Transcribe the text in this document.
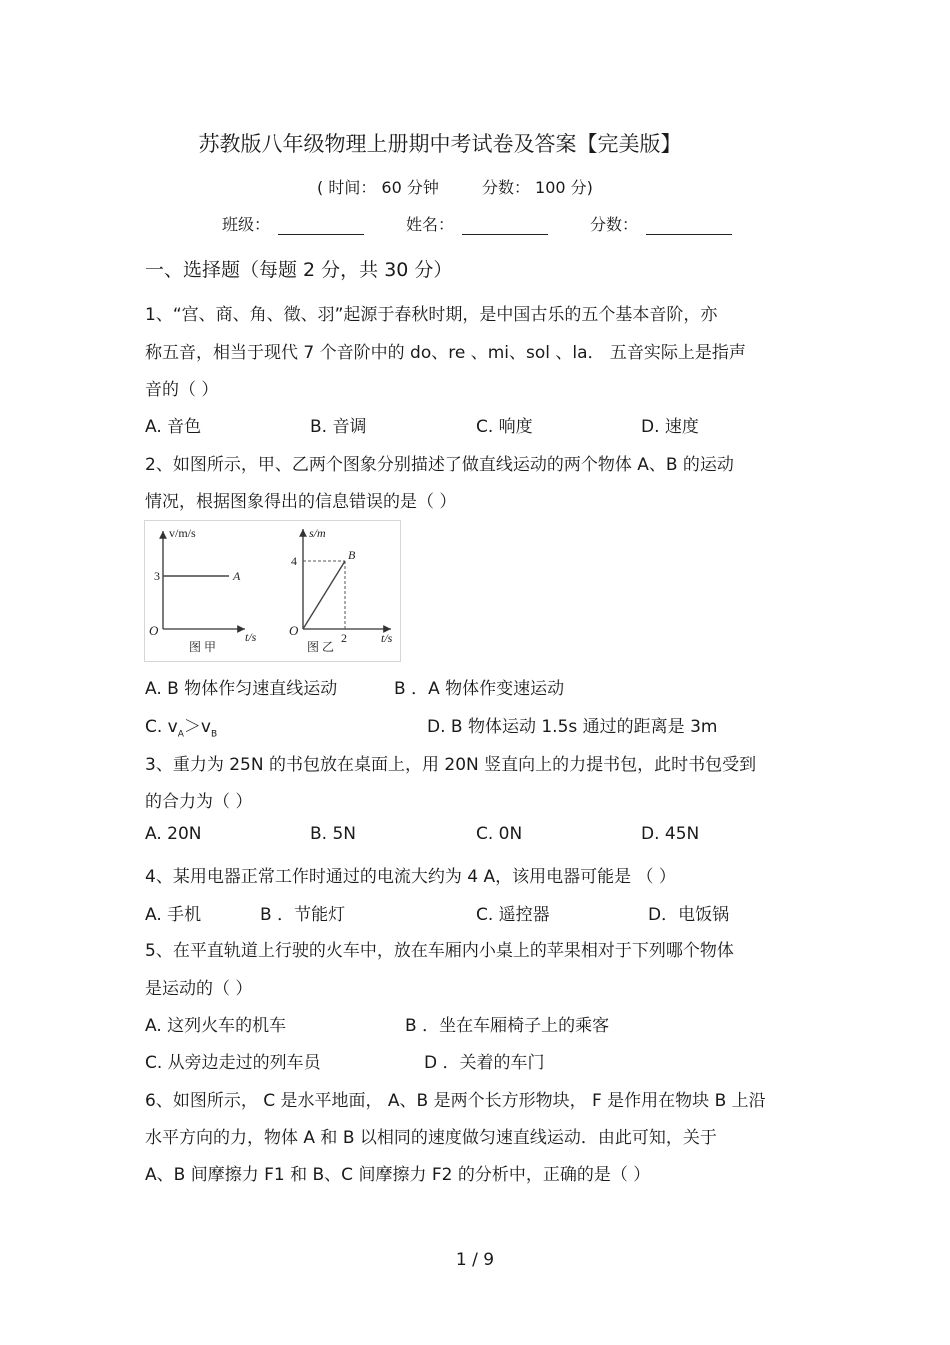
苏教版八年级物理上册期中考试卷及答案【完美版】
( 时间： 60 分钟	分数： 100 分)
班级：	姓名：	分数：
一、选择题（每题 2 分，共 30 分）
1、“宫、商、角、徵、羽”起源于春秋时期，是中国古乐的五个基本音阶，亦
称五音，相当于现代 7 个音阶中的 do、re 、mi、sol 、la． 五音实际上是指声
音的（ ）
A. 音色	B. 音调	C. 响度	D. 速度
2、如图所示，甲、乙两个图象分别描述了做直线运动的两个物体 A、B 的运动
情况，根据图象得出的信息错误的是（ ）
v/m/s
3	A
O	t/s
图 甲
s/m
4	B
O	2	t/s
图 乙
A. B 物体作匀速直线运动	B ．A 物体作变速运动
C. $v_A>v_B$	D. B 物体运动 1.5s 通过的距离是 3m
3、重力为 25N 的书包放在桌面上，用 20N 竖直向上的力提书包，此时书包受到
的合力为（ ）
A. 20N	B. 5N	C. 0N	D. 45N
4、某用电器正常工作时通过的电流大约为 4 A，该用电器可能是 （ ）
A. 手机	B ．节能灯	C. 遥控器	D．电饭锅
5、在平直轨道上行驶的火车中，放在车厢内小桌上的苹果相对于下列哪个物体
是运动的（ ）
A. 这列火车的机车	B ．坐在车厢椅子上的乘客
C. 从旁边走过的列车员	D ．关着的车门
6、如图所示， C 是水平地面， A、B 是两个长方形物块， F 是作用在物块 B 上沿
水平方向的力，物体 A 和 B 以相同的速度做匀速直线运动．由此可知，关于
A、B 间摩擦力 F1 和 B、C 间摩擦力 F2 的分析中，正确的是（ ）
1 / 9
